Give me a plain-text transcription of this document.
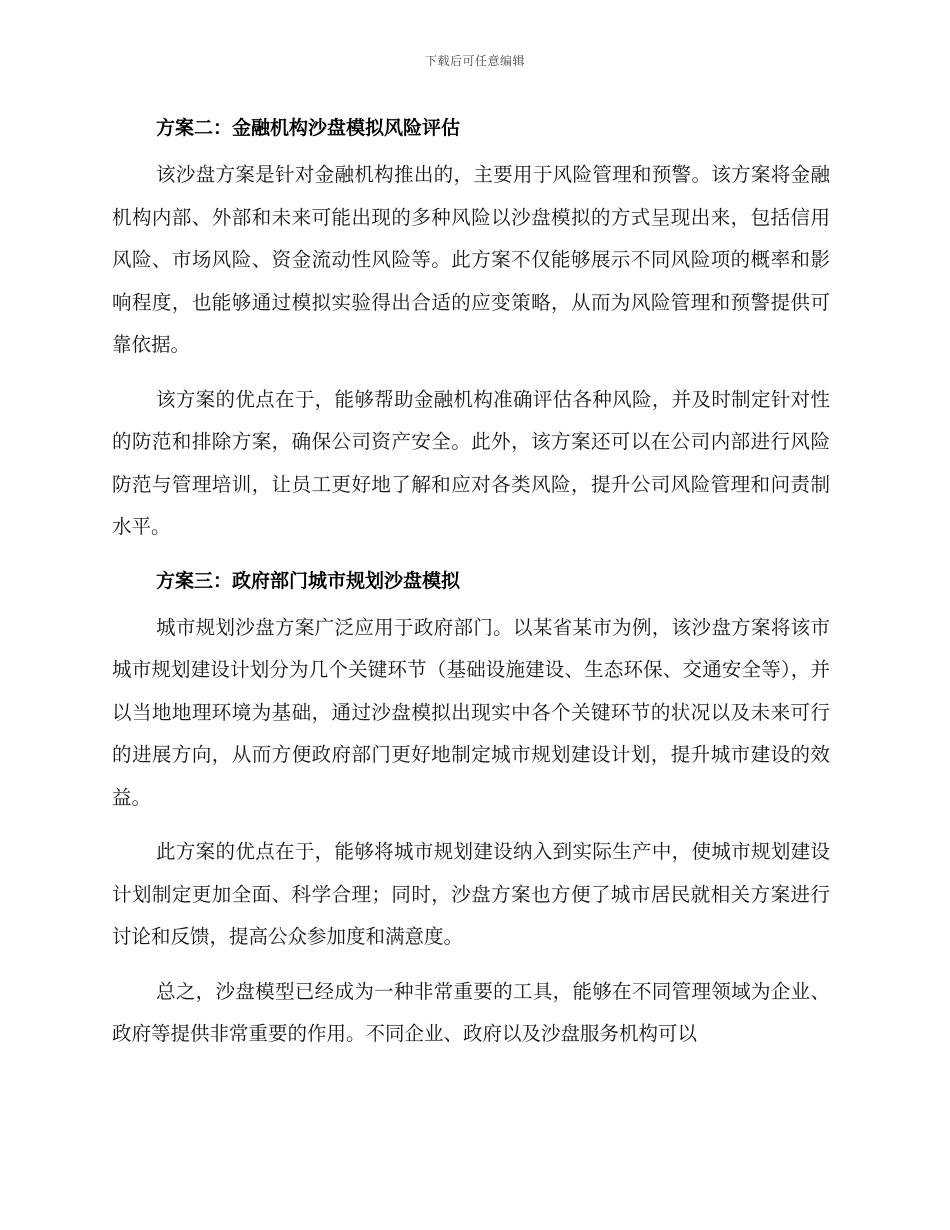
下载后可任意编辑
方案二：金融机构沙盘模拟风险评估

该沙盘方案是针对金融机构推出的，主要用于风险管理和预警。该方案将金融机构内部、外部和未来可能出现的多种风险以沙盘模拟的方式呈现出来，包括信用风险、市场风险、资金流动性风险等。此方案不仅能够展示不同风险项的概率和影响程度，也能够通过模拟实验得出合适的应变策略，从而为风险管理和预警提供可靠依据。

该方案的优点在于，能够帮助金融机构准确评估各种风险，并及时制定针对性的防范和排除方案，确保公司资产安全。此外，该方案还可以在公司内部进行风险防范与管理培训，让员工更好地了解和应对各类风险，提升公司风险管理和问责制水平。

方案三：政府部门城市规划沙盘模拟

城市规划沙盘方案广泛应用于政府部门。以某省某市为例，该沙盘方案将该市城市规划建设计划分为几个关键环节（基础设施建设、生态环保、交通安全等），并以当地地理环境为基础，通过沙盘模拟出现实中各个关键环节的状况以及未来可行的进展方向，从而方便政府部门更好地制定城市规划建设计划，提升城市建设的效益。

此方案的优点在于，能够将城市规划建设纳入到实际生产中，使城市规划建设计划制定更加全面、科学合理；同时，沙盘方案也方便了城市居民就相关方案进行讨论和反馈，提高公众参加度和满意度。

总之，沙盘模型已经成为一种非常重要的工具，能够在不同管理领域为企业、政府等提供非常重要的作用。不同企业、政府以及沙盘服务机构可以
